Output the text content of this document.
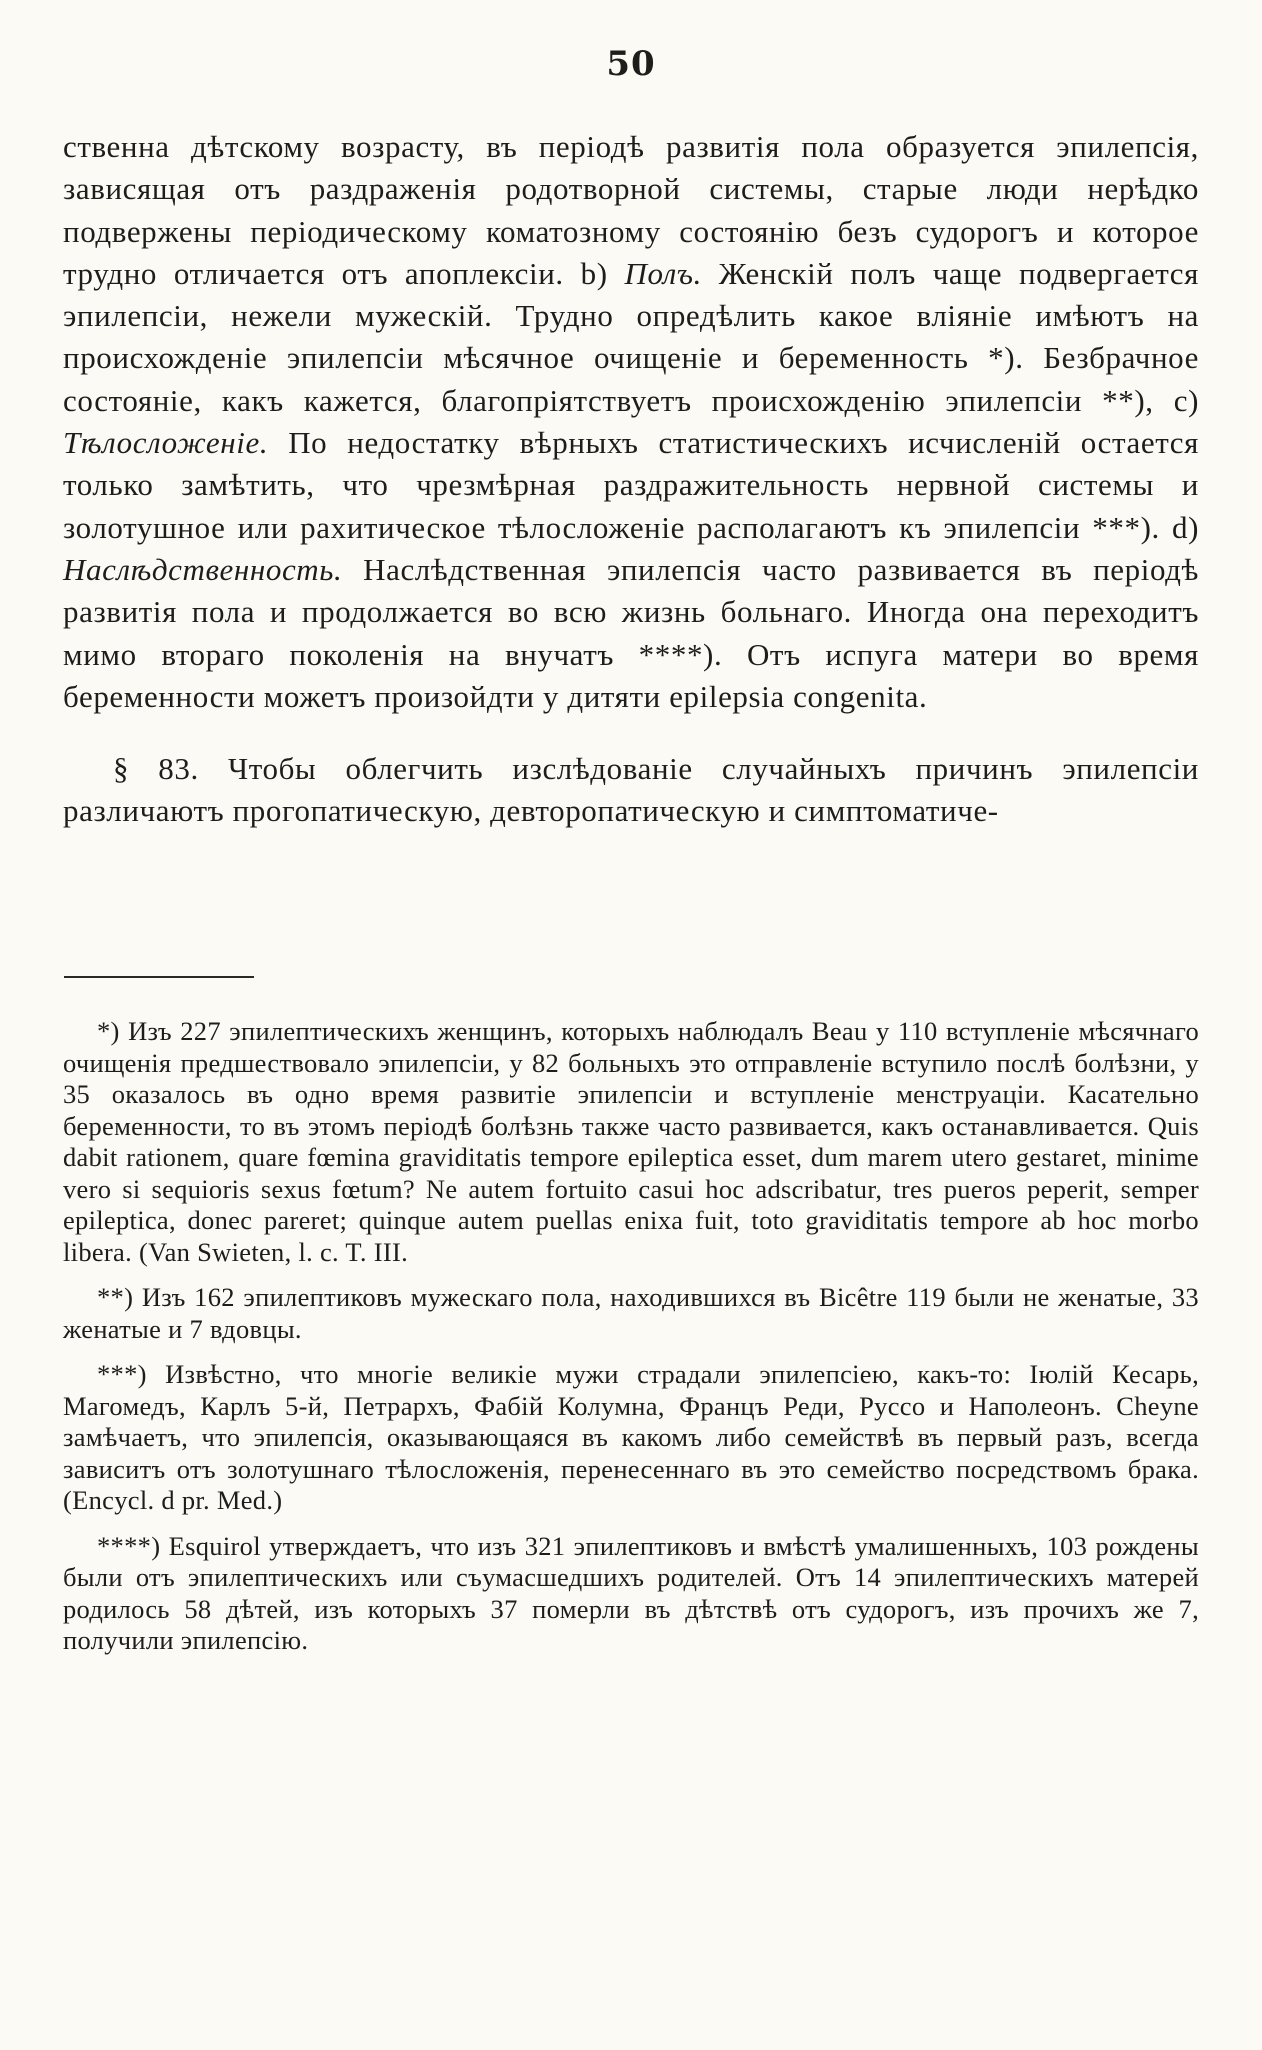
50

ственна дѣтскому возрасту, въ періодѣ развитія пола образуется эпилепсія, зависящая отъ раздраженія родотворной системы, старые люди нерѣдко подвержены періодическому коматозному состоянію безъ судорогъ и которое трудно отличается отъ апоплексіи. b) Полъ. Женскій полъ чаще подвергается эпилепсіи, нежели мужескій. Трудно опредѣлить какое вліяніе имѣютъ на происхожденіе эпилепсіи мѣсячное очищеніе и беременность *). Безбрачное состояніе, какъ кажется, благопріятствуетъ происхожденію эпилепсіи **), с) Тѣлосложеніе. По недостатку вѣрныхъ статистическихъ исчисленій остается только замѣтить, что чрезмѣрная раздражительность нервной системы и золотушное или рахитическое тѣлосложеніе располагаютъ къ эпилепсіи ***). d) Наслѣдственность. Наслѣдственная эпилепсія часто развивается въ періодѣ развитія пола и продолжается во всю жизнь больнаго. Иногда она переходитъ мимо втораго поколенія на внучатъ ****). Отъ испуга матери во время беременности можетъ произойдти у дитяти epilepsia congenita.

§ 83. Чтобы облегчить изслѣдованіе случайныхъ причинъ эпилепсіи различаютъ прогопатическую, девторопатическую и симптоматиче-

*) Изъ 227 эпилептическихъ женщинъ, которыхъ наблюдалъ Beau у 110 вступленіе мѣсячнаго очищенія предшествовало эпилепсіи, у 82 больныхъ это отправленіе вступило послѣ болѣзни, у 35 оказалось въ одно время развитіе эпилепсіи и вступленіе менструаціи. Касательно беременности, то въ этомъ періодѣ болѣзнь также часто развивается, какъ останавливается. Quis dabit rationem, quare fœmina graviditatis tempore epileptica esset, dum marem utero gestaret, minime vero si sequioris sexus fœtum? Ne autem fortuito casui hoc adscribatur, tres pueros peperit, semper epileptica, donec pareret; quinque autem puellas enixa fuit, toto graviditatis tempore ab hoc morbo libera. (Van Swieten, l. c. T. III.

**) Изъ 162 эпилептиковъ мужескаго пола, находившихся въ Bicêtre 119 были не женатые, 33 женатые и 7 вдовцы.

***) Извѣстно, что многіе великіе мужи страдали эпилепсіею, какъ-то: Іюлій Кесарь, Магомедъ, Карлъ 5-й, Петрархъ, Фабій Колумна, Францъ Реди, Руссо и Наполеонъ. Cheyne замѣчаетъ, что эпилепсія, оказывающаяся въ какомъ либо семействѣ въ первый разъ, всегда зависитъ отъ золотушнаго тѣлосложенія, перенесеннаго въ это семейство посредствомъ брака. (Encycl. d pr. Med.)

****) Esquirol утверждаетъ, что изъ 321 эпилептиковъ и вмѣстѣ умалишенныхъ, 103 рождены были отъ эпилептическихъ или съумасшедшихъ родителей. Отъ 14 эпилептическихъ матерей родилось 58 дѣтей, изъ которыхъ 37 померли въ дѣтствѣ отъ судорогъ, изъ прочихъ же 7, получили эпилепсію.
